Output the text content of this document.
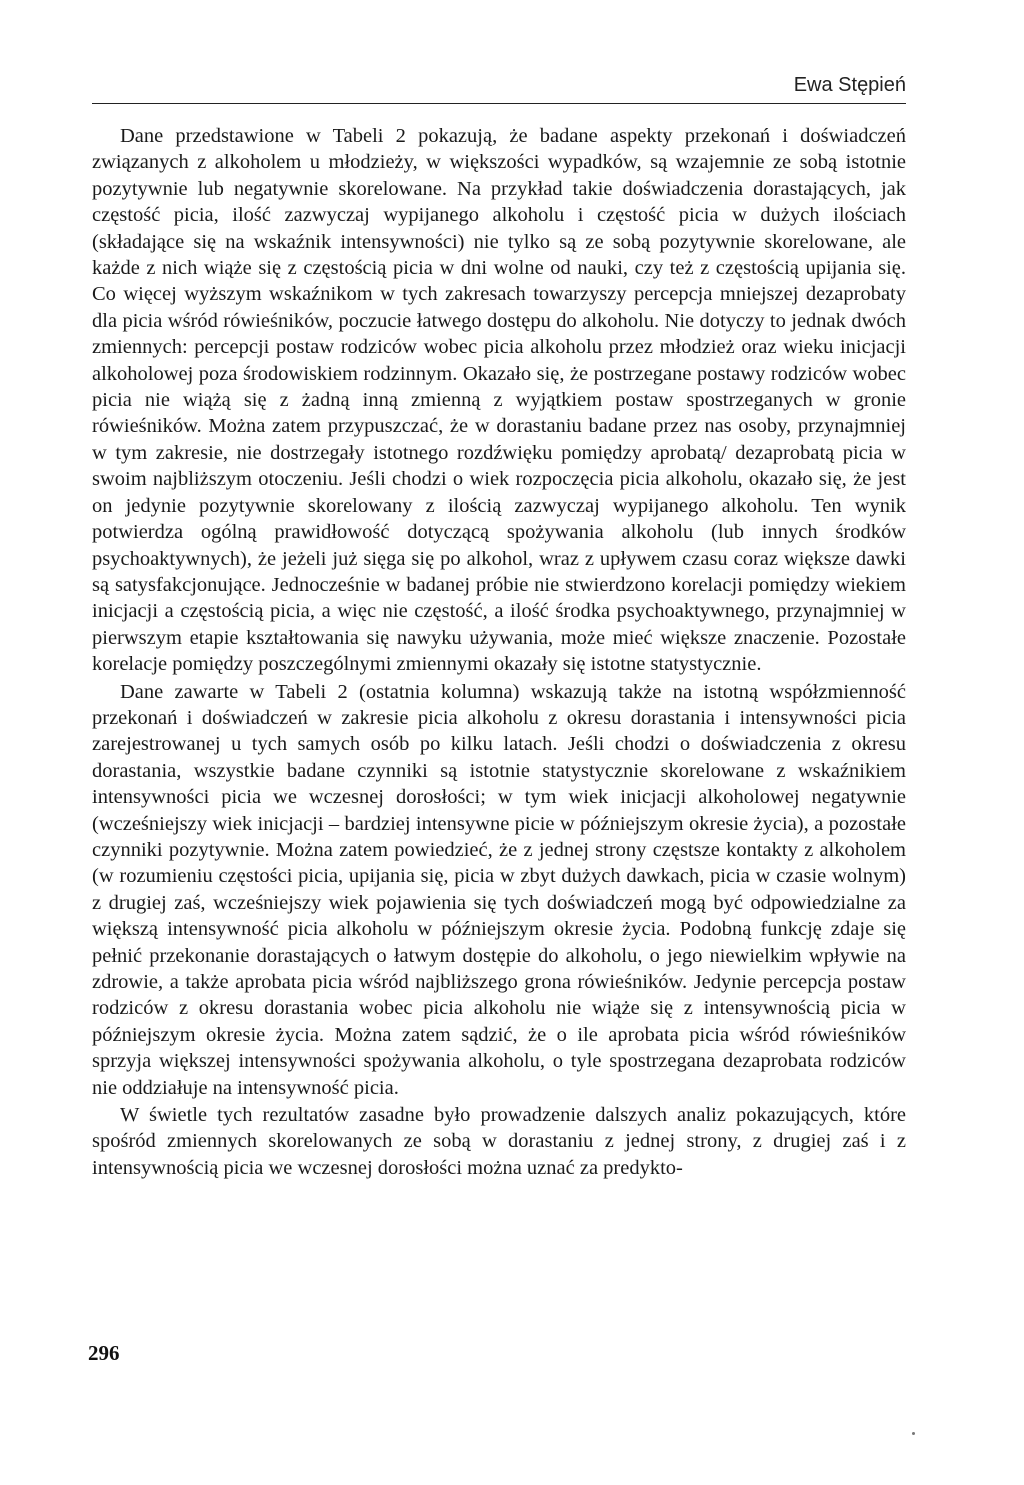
Ewa Stępień

Dane przedstawione w Tabeli 2 pokazują, że badane aspekty przekonań i doświadczeń związanych z alkoholem u młodzieży, w większości wypadków, są wzajemnie ze sobą istotnie pozytywnie lub negatywnie skorelowane. Na przykład takie doświadczenia dorastających, jak częstość picia, ilość zazwyczaj wypijanego alkoholu i częstość picia w dużych ilościach (składające się na wskaźnik intensywności) nie tylko są ze sobą pozytywnie skorelowane, ale każde z nich wiąże się z częstością picia w dni wolne od nauki, czy też z częstością upijania się. Co więcej wyższym wskaźnikom w tych zakresach towarzyszy percepcja mniejszej dezaprobaty dla picia wśród rówieśników, poczucie łatwego dostępu do alkoholu. Nie dotyczy to jednak dwóch zmiennych: percepcji postaw rodziców wobec picia alkoholu przez młodzież oraz wieku inicjacji alkoholowej poza środowiskiem rodzinnym. Okazało się, że postrzegane postawy rodziców wobec picia nie wiążą się z żadną inną zmienną z wyjątkiem postaw spostrzeganych w gronie rówieśników. Można zatem przypuszczać, że w dorastaniu badane przez nas osoby, przynajmniej w tym zakresie, nie dostrzegały istotnego rozdźwięku pomiędzy aprobatą/ dezaprobatą picia w swoim najbliższym otoczeniu. Jeśli chodzi o wiek rozpoczęcia picia alkoholu, okazało się, że jest on jedynie pozytywnie skorelowany z ilością zazwyczaj wypijanego alkoholu. Ten wynik potwierdza ogólną prawidłowość dotyczącą spożywania alkoholu (lub innych środków psychoaktywnych), że jeżeli już sięga się po alkohol, wraz z upływem czasu coraz większe dawki są satysfakcjonujące. Jednocześnie w badanej próbie nie stwierdzono korelacji pomiędzy wiekiem inicjacji a częstością picia, a więc nie częstość, a ilość środka psychoaktywnego, przynajmniej w pierwszym etapie kształtowania się nawyku używania, może mieć większe znaczenie. Pozostałe korelacje pomiędzy poszczególnymi zmiennymi okazały się istotne statystycznie.

Dane zawarte w Tabeli 2 (ostatnia kolumna) wskazują także na istotną współzmienność przekonań i doświadczeń w zakresie picia alkoholu z okresu dorastania i intensywności picia zarejestrowanej u tych samych osób po kilku latach. Jeśli chodzi o doświadczenia z okresu dorastania, wszystkie badane czynniki są istotnie statystycznie skorelowane z wskaźnikiem intensywności picia we wczesnej dorosłości; w tym wiek inicjacji alkoholowej negatywnie (wcześniejszy wiek inicjacji – bardziej intensywne picie w późniejszym okresie życia), a pozostałe czynniki pozytywnie. Można zatem powiedzieć, że z jednej strony częstsze kontakty z alkoholem (w rozumieniu częstości picia, upijania się, picia w zbyt dużych dawkach, picia w czasie wolnym) z drugiej zaś, wcześniejszy wiek pojawienia się tych doświadczeń mogą być odpowiedzialne za większą intensywność picia alkoholu w późniejszym okresie życia. Podobną funkcję zdaje się pełnić przekonanie dorastających o łatwym dostępie do alkoholu, o jego niewielkim wpływie na zdrowie, a także aprobata picia wśród najbliższego grona rówieśników. Jedynie percepcja postaw rodziców z okresu dorastania wobec picia alkoholu nie wiąże się z intensywnością picia w późniejszym okresie życia. Można zatem sądzić, że o ile aprobata picia wśród rówieśników sprzyja większej intensywności spożywania alkoholu, o tyle spostrzegana dezaprobata rodziców nie oddziałuje na intensywność picia.

W świetle tych rezultatów zasadne było prowadzenie dalszych analiz pokazujących, które spośród zmiennych skorelowanych ze sobą w dorastaniu z jednej strony, z drugiej zaś i z intensywnością picia we wczesnej dorosłości można uznać za predykto-

296
